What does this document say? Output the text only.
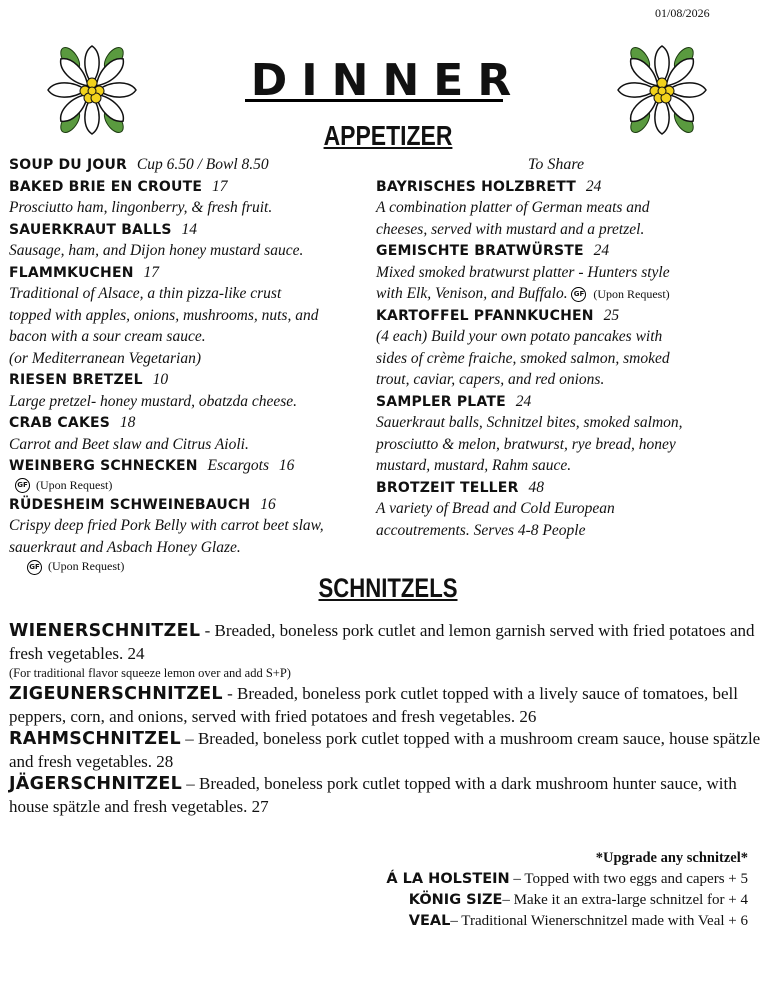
01/08/2026
DINNER
APPETIZER
SOUP DU JOUR Cup 6.50 / Bowl 8.50
BAKED BRIE EN CROUTE 17
Prosciutto ham, lingonberry, & fresh fruit.
SAUERKRAUT BALLS 14
Sausage, ham, and Dijon honey mustard sauce.
FLAMMKUCHEN 17
Traditional of Alsace, a thin pizza-like crust
topped with apples, onions, mushrooms, nuts, and
bacon with a sour cream sauce.
(or Mediterranean Vegetarian)
RIESEN BRETZEL 10
Large pretzel- honey mustard, obatzda cheese.
CRAB CAKES 18
Carrot and Beet slaw and Citrus Aioli.
WEINBERG SCHNECKEN Escargots 16
GF (Upon Request)
RÜDESHEIM SCHWEINEBAUCH 16
Crispy deep fried Pork Belly with carrot beet slaw,
sauerkraut and Asbach Honey Glaze.
GF (Upon Request)
To Share
BAYRISCHES HOLZBRETT 24
A combination platter of German meats and
cheeses, served with mustard and a pretzel.
GEMISCHTE BRATWÜRSTE 24
Mixed smoked bratwurst platter - Hunters style
with Elk, Venison, and Buffalo. GF (Upon Request)
KARTOFFEL PFANNKUCHEN 25
(4 each) Build your own potato pancakes with
sides of crème fraiche, smoked salmon, smoked
trout, caviar, capers, and red onions.
SAMPLER PLATE 24
Sauerkraut balls, Schnitzel bites, smoked salmon,
prosciutto & melon, bratwurst, rye bread, honey
mustard, mustard, Rahm sauce.
BROTZEIT TELLER 48
A variety of Bread and Cold European
accoutrements. Serves 4-8 People
SCHNITZELS
WIENERSCHNITZEL - Breaded, boneless pork cutlet and lemon garnish served with fried potatoes and fresh vegetables. 24
(For traditional flavor squeeze lemon over and add S+P)
ZIGEUNERSCHNITZEL - Breaded, boneless pork cutlet topped with a lively sauce of tomatoes, bell peppers, corn, and onions, served with fried potatoes and fresh vegetables. 26
RAHMSCHNITZEL – Breaded, boneless pork cutlet topped with a mushroom cream sauce, house spätzle and fresh vegetables. 28
JÄGERSCHNITZEL – Breaded, boneless pork cutlet topped with a dark mushroom hunter sauce, with house spätzle and fresh vegetables. 27
*Upgrade any schnitzel*
Á LA HOLSTEIN – Topped with two eggs and capers + 5
KÖNIG SIZE– Make it an extra-large schnitzel for + 4
VEAL– Traditional Wienerschnitzel made with Veal + 6
